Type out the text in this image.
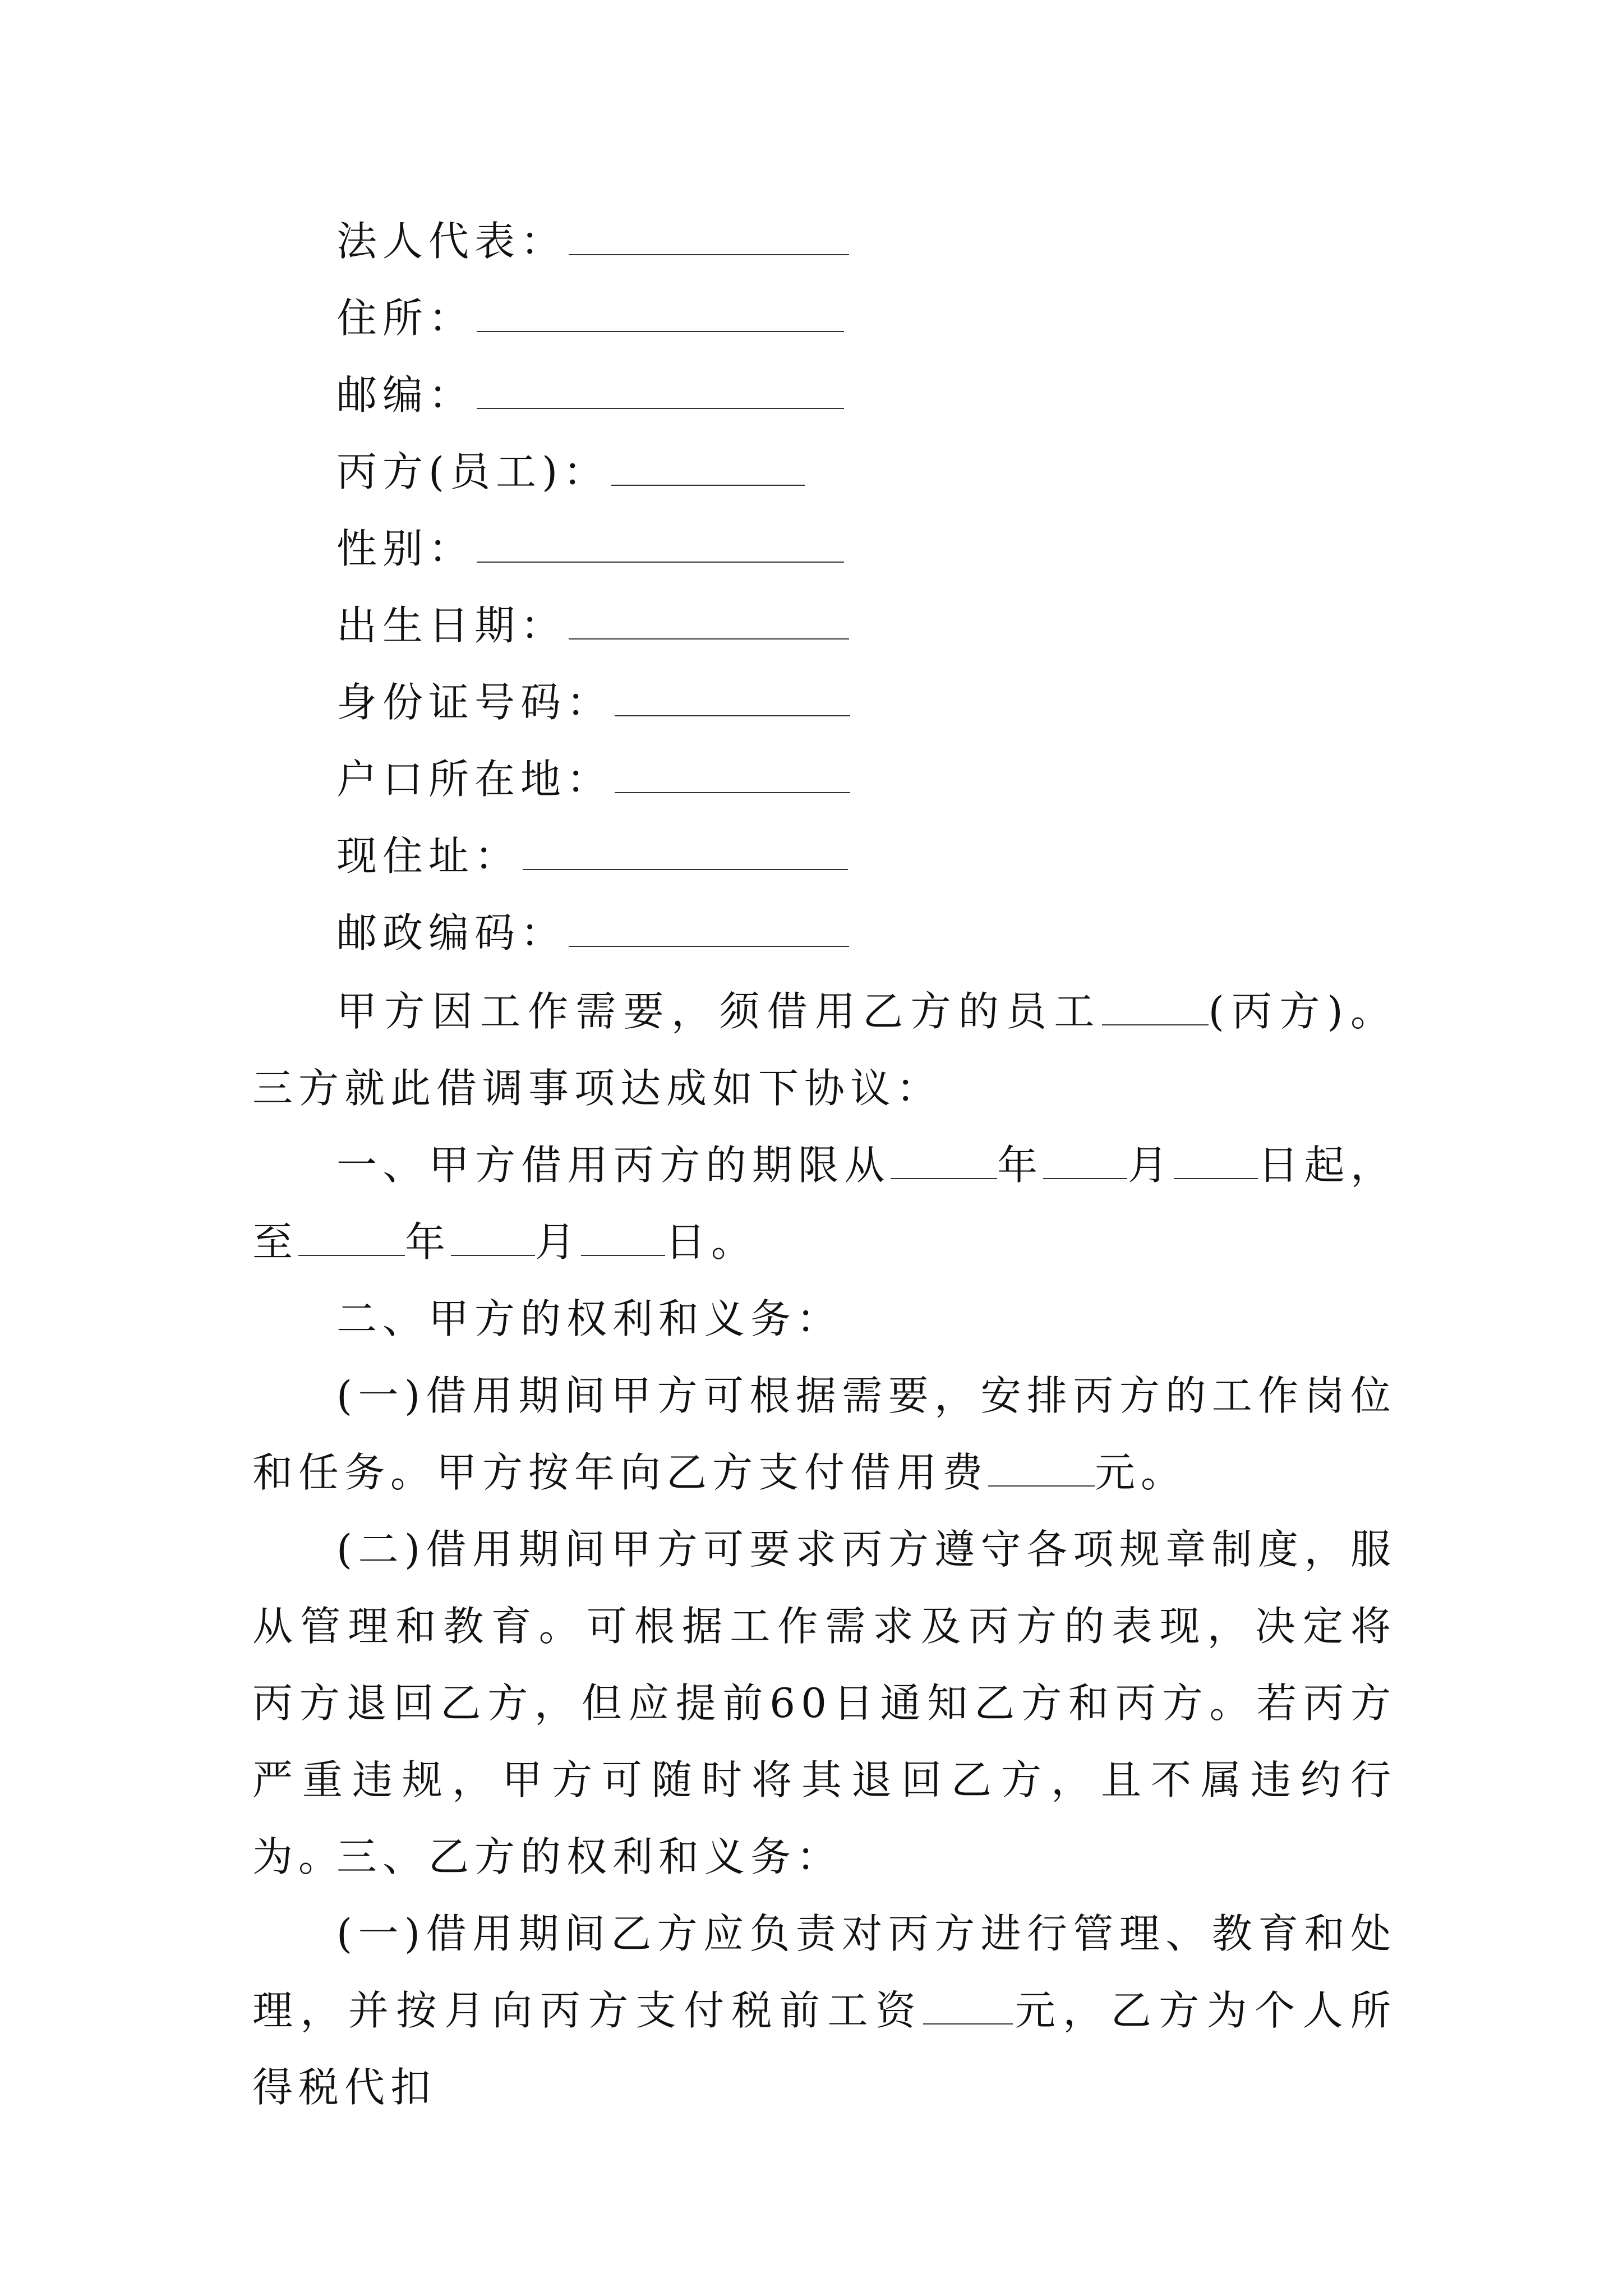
法人代表：
住所：
邮编：
丙方(员工)：
性别：
出生日期：
身份证号码：
户口所在地：
现住址：
邮政编码：

甲方因工作需要，须借用乙方的员工	(丙方)。三方就此借调事项达成如下协议：

一、甲方借用丙方的期限从	年 月 日起，至	年 月 日。

二、甲方的权利和义务：

(一)借用期间甲方可根据需要，安排丙方的工作岗位和任务。甲方按年向乙方支付借用费	元。

(二)借用期间甲方可要求丙方遵守各项规章制度，服从管理和教育。可根据工作需求及丙方的表现，决定将丙方退回乙方，但应提前60日通知乙方和丙方。若丙方严重违规，甲方可随时将其退回乙方，且不属违约行为。

三、乙方的权利和义务：

(一)借用期间乙方应负责对丙方进行管理、教育和处理，并按月向丙方支付税前工资 元，乙方为个人所得税代扣
